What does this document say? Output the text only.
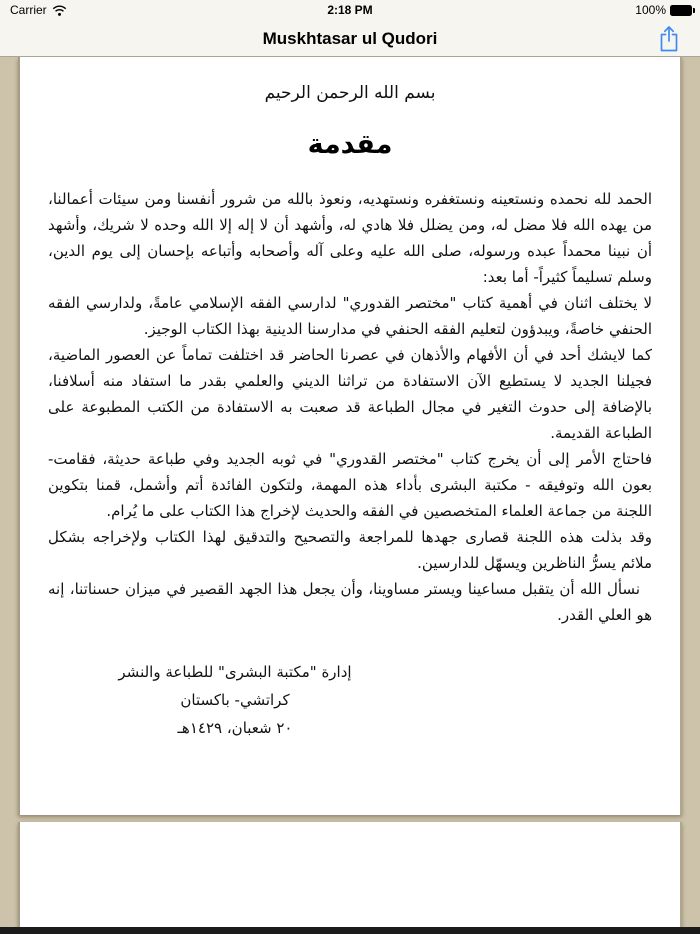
Carrier	2:18 PM	100%
Muskhtasar ul Qudori
بسم الله الرحمن الرحيم
مقدمة

الحمد لله نحمده ونستعينه ونستغفره ونستهديه، ونعوذ بالله من شرور أنفسنا ومن سيئات أعمالنا، من يهده الله فلا مضل له، ومن يضلل فلا هادي له، وأشهد أن لا إله إلا الله وحده لا شريك، وأشهد أن نبينا محمداً عبده ورسوله، صلى الله عليه وعلى آله وأصحابه وأتباعه بإحسان إلى يوم الدين، وسلم تسليماً كثيراً- أما بعد:

لا يختلف اثنان في أهمية كتاب "مختصر القدوري" لدارسي الفقه الإسلامي عامةً، ولدارسي الفقه الحنفي خاصةً، ويبدؤون لتعليم الفقه الحنفي في مدارسنا الدينية بهذا الكتاب الوجيز.

كما لايشك أحد في أن الأفهام والأذهان في عصرنا الحاضر قد اختلفت تماماً عن العصور الماضية، فجيلنا الجديد لا يستطيع الآن الاستفادة من تراثنا الديني والعلمي بقدر ما استفاد منه أسلافنا، بالإضافة إلى حدوث التغير في مجال الطباعة قد صعبت به الاستفادة من الكتب المطبوعة على الطباعة القديمة.

فاحتاج الأمر إلى أن يخرج كتاب "مختصر القدوري" في ثوبه الجديد وفي طباعة حديثة، فقامت- بعون الله وتوفيقه - مكتبة البشرى بأداء هذه المهمة، ولتكون الفائدة أتم وأشمل، قمنا بتكوين اللجنة من جماعة العلماء المتخصصين في الفقه والحديث لإخراج هذا الكتاب على ما يُرام.

وقد بذلت هذه اللجنة قصارى جهدها للمراجعة والتصحيح والتدقيق لهذا الكتاب ولإخراجه بشكل ملائم يسرُّ الناظرين ويسهّل للدارسين.

نسأل الله أن يتقبل مساعينا ويستر مساوينا، وأن يجعل هذا الجهد القصير في ميزان حسناتنا، إنه هو العلي القدر.

إدارة "مكتبة البشرى" للطباعة والنشر
كراتشي- باكستان
٢٠ شعبان، ١٤٢٩هـ
